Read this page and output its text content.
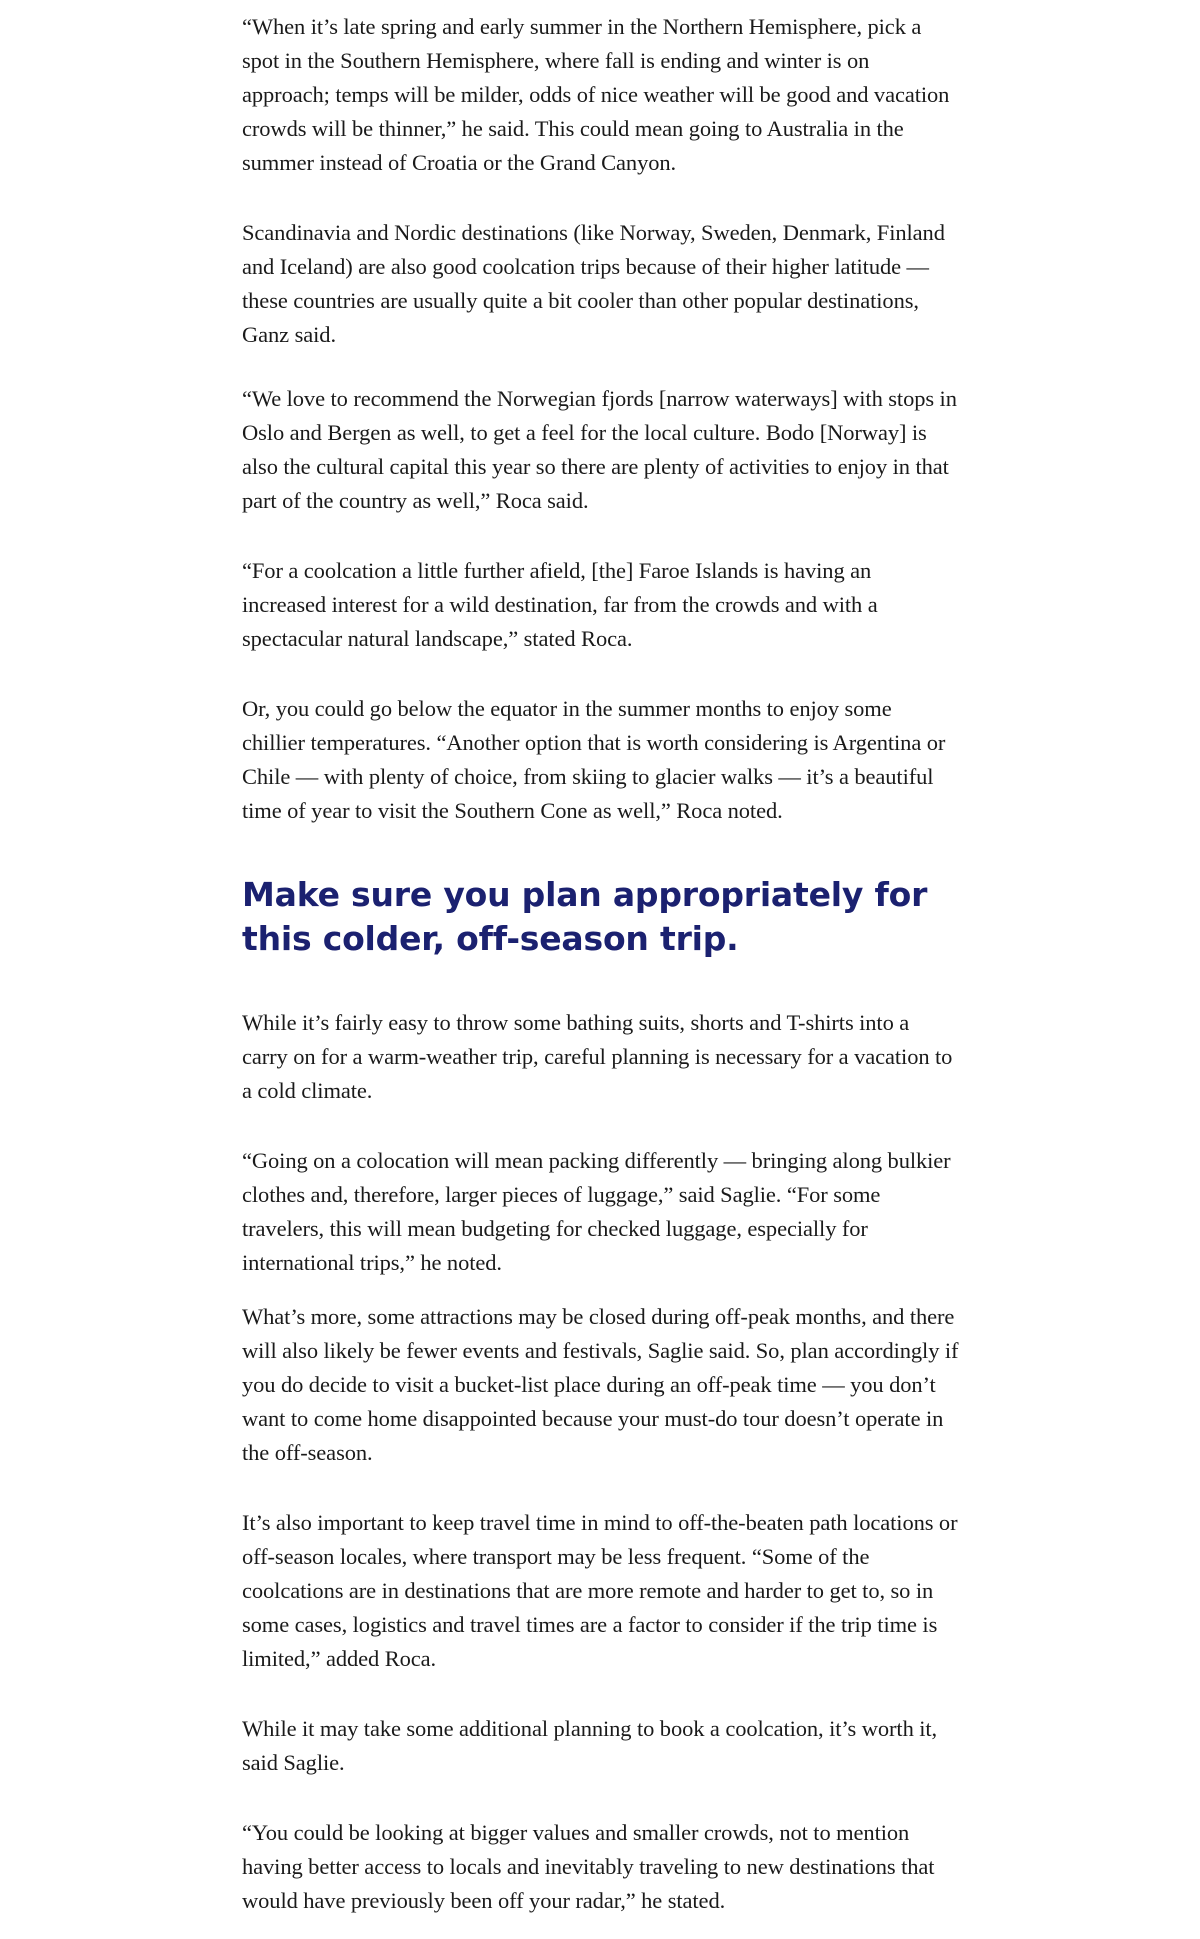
“When it’s late spring and early summer in the Northern Hemisphere, pick a spot in the Southern Hemisphere, where fall is ending and winter is on approach; temps will be milder, odds of nice weather will be good and vacation crowds will be thinner,” he said. This could mean going to Australia in the summer instead of Croatia or the Grand Canyon.

Scandinavia and Nordic destinations (like Norway, Sweden, Denmark, Finland and Iceland) are also good coolcation trips because of their higher latitude — these countries are usually quite a bit cooler than other popular destinations, Ganz said.

“We love to recommend the Norwegian fjords [narrow waterways] with stops in Oslo and Bergen as well, to get a feel for the local culture. Bodo [Norway] is also the cultural capital this year so there are plenty of activities to enjoy in that part of the country as well,” Roca said.

“For a coolcation a little further afield, [the] Faroe Islands is having an increased interest for a wild destination, far from the crowds and with a spectacular natural landscape,” stated Roca.

Or, you could go below the equator in the summer months to enjoy some chillier temperatures. “Another option that is worth considering is Argentina or Chile — with plenty of choice, from skiing to glacier walks — it’s a beautiful time of year to visit the Southern Cone as well,” Roca noted.

Make sure you plan appropriately for this colder, off-season trip.

While it’s fairly easy to throw some bathing suits, shorts and T-shirts into a carry on for a warm-weather trip, careful planning is necessary for a vacation to a cold climate.

“Going on a colocation will mean packing differently — bringing along bulkier clothes and, therefore, larger pieces of luggage,” said Saglie. “For some travelers, this will mean budgeting for checked luggage, especially for international trips,” he noted.

What’s more, some attractions may be closed during off-peak months, and there will also likely be fewer events and festivals, Saglie said. So, plan accordingly if you do decide to visit a bucket-list place during an off-peak time — you don’t want to come home disappointed because your must-do tour doesn’t operate in the off-season.

It’s also important to keep travel time in mind to off-the-beaten path locations or off-season locales, where transport may be less frequent. “Some of the coolcations are in destinations that are more remote and harder to get to, so in some cases, logistics and travel times are a factor to consider if the trip time is limited,” added Roca.

While it may take some additional planning to book a coolcation, it’s worth it, said Saglie.

“You could be looking at bigger values and smaller crowds, not to mention having better access to locals and inevitably traveling to new destinations that would have previously been off your radar,” he stated.
